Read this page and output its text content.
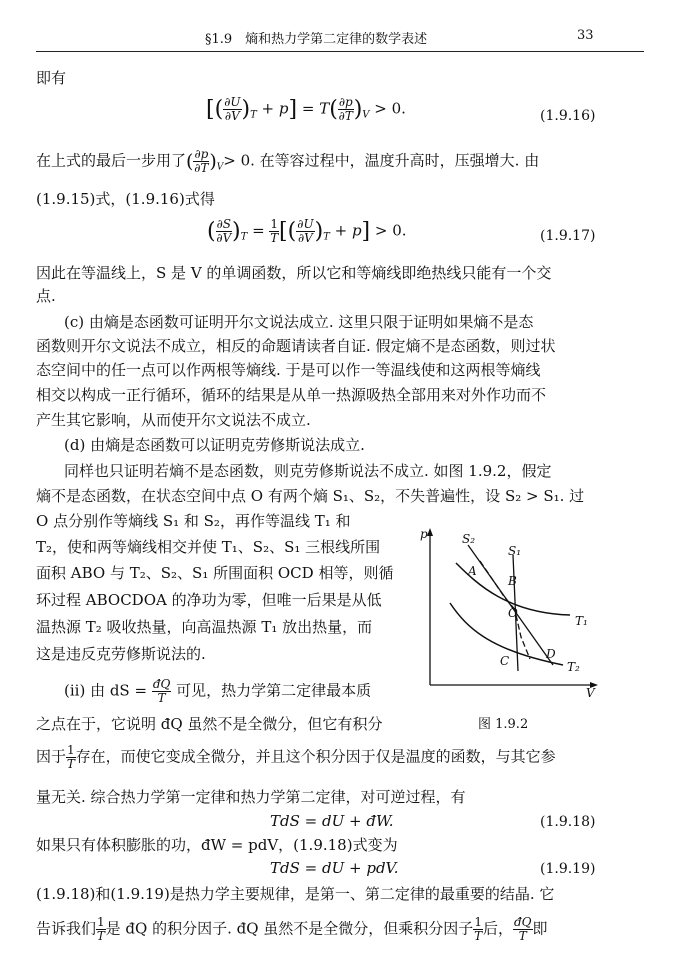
§1.9　熵和热力学第二定律的数学表述	33

即有

[( $\frac{\partial U}{\partial V} )_T + p] = T( \frac{\partial p}{\partial T} )_V > 0$.	(1.9.16)

在上式的最后一步用了( $\frac{\partial p}{\partial T} )_V> 0$. 在等容过程中，温度升高时，压强增大. 由

(1.9.15)式，(1.9.16)式得

( $\frac{\partial S}{\partial V} )_T = \frac{1}{T}$ [( $\frac{\partial U}{\partial V} )_T + p] > 0$.	(1.9.17)

因此在等温线上，S 是 V 的单调函数，所以它和等熵线即绝热线只能有一个交

点.

(c) 由熵是态函数可证明开尔文说法成立. 这里只限于证明如果熵不是态

函数则开尔文说法不成立，相反的命题请读者自证. 假定熵不是态函数，则过状

态空间中的任一点可以作两根等熵线. 于是可以作一等温线使和这两根等熵线

相交以构成一正行循环，循环的结果是从单一热源吸热全部用来对外作功而不

产生其它影响，从而使开尔文说法不成立.

(d) 由熵是态函数可以证明克劳修斯说法成立.

同样也只证明若熵不是态函数，则克劳修斯说法不成立. 如图 1.9.2，假定

熵不是态函数，在状态空间中点 O 有两个熵 S₁、S₂，不失普遍性，设 S₂ > S₁. 过

O 点分别作等熵线 S₁ 和 S₂，再作等温线 T₁ 和

T₂，使和两等熵线相交并使 T₁、S₂、S₁ 三根线所围

面积 ABO 与 T₂、S₂、S₁ 所围面积 OCD 相等，则循

环过程 ABOCDOA 的净功为零，但唯一后果是从低

温热源 T₂ 吸收热量，向高温热源 T₁ 放出热量，而

这是违反克劳修斯说法的.

(ii) 由 dS = $\frac{đQ}{T}$ 可见，热力学第二定律最本质

之点在于，它说明 đQ 虽然不是全微分，但它有积分

p
V
S₂
S₁
A
B
O
C	D
T₁
T₂
图 1.9.2

因于 $\frac{1}{T}$ 存在，而使它变成全微分，并且这个积分因于仅是温度的函数，与其它参

量无关. 综合热力学第一定律和热力学第二定律，对可逆过程，有

TdS = dU + đW.	(1.9.18)

如果只有体积膨胀的功，đW = pdV，(1.9.18)式变为

TdS = dU + pdV.	(1.9.19)

(1.9.18)和(1.9.19)是热力学主要规律，是第一、第二定律的最重要的结晶. 它

告诉我们 $\frac{1}{T}$ 是 đQ 的积分因子. đQ 虽然不是全微分，但乘积分因子 $\frac{1}{T}$ 后， $\frac{đQ}{T}$ 即
